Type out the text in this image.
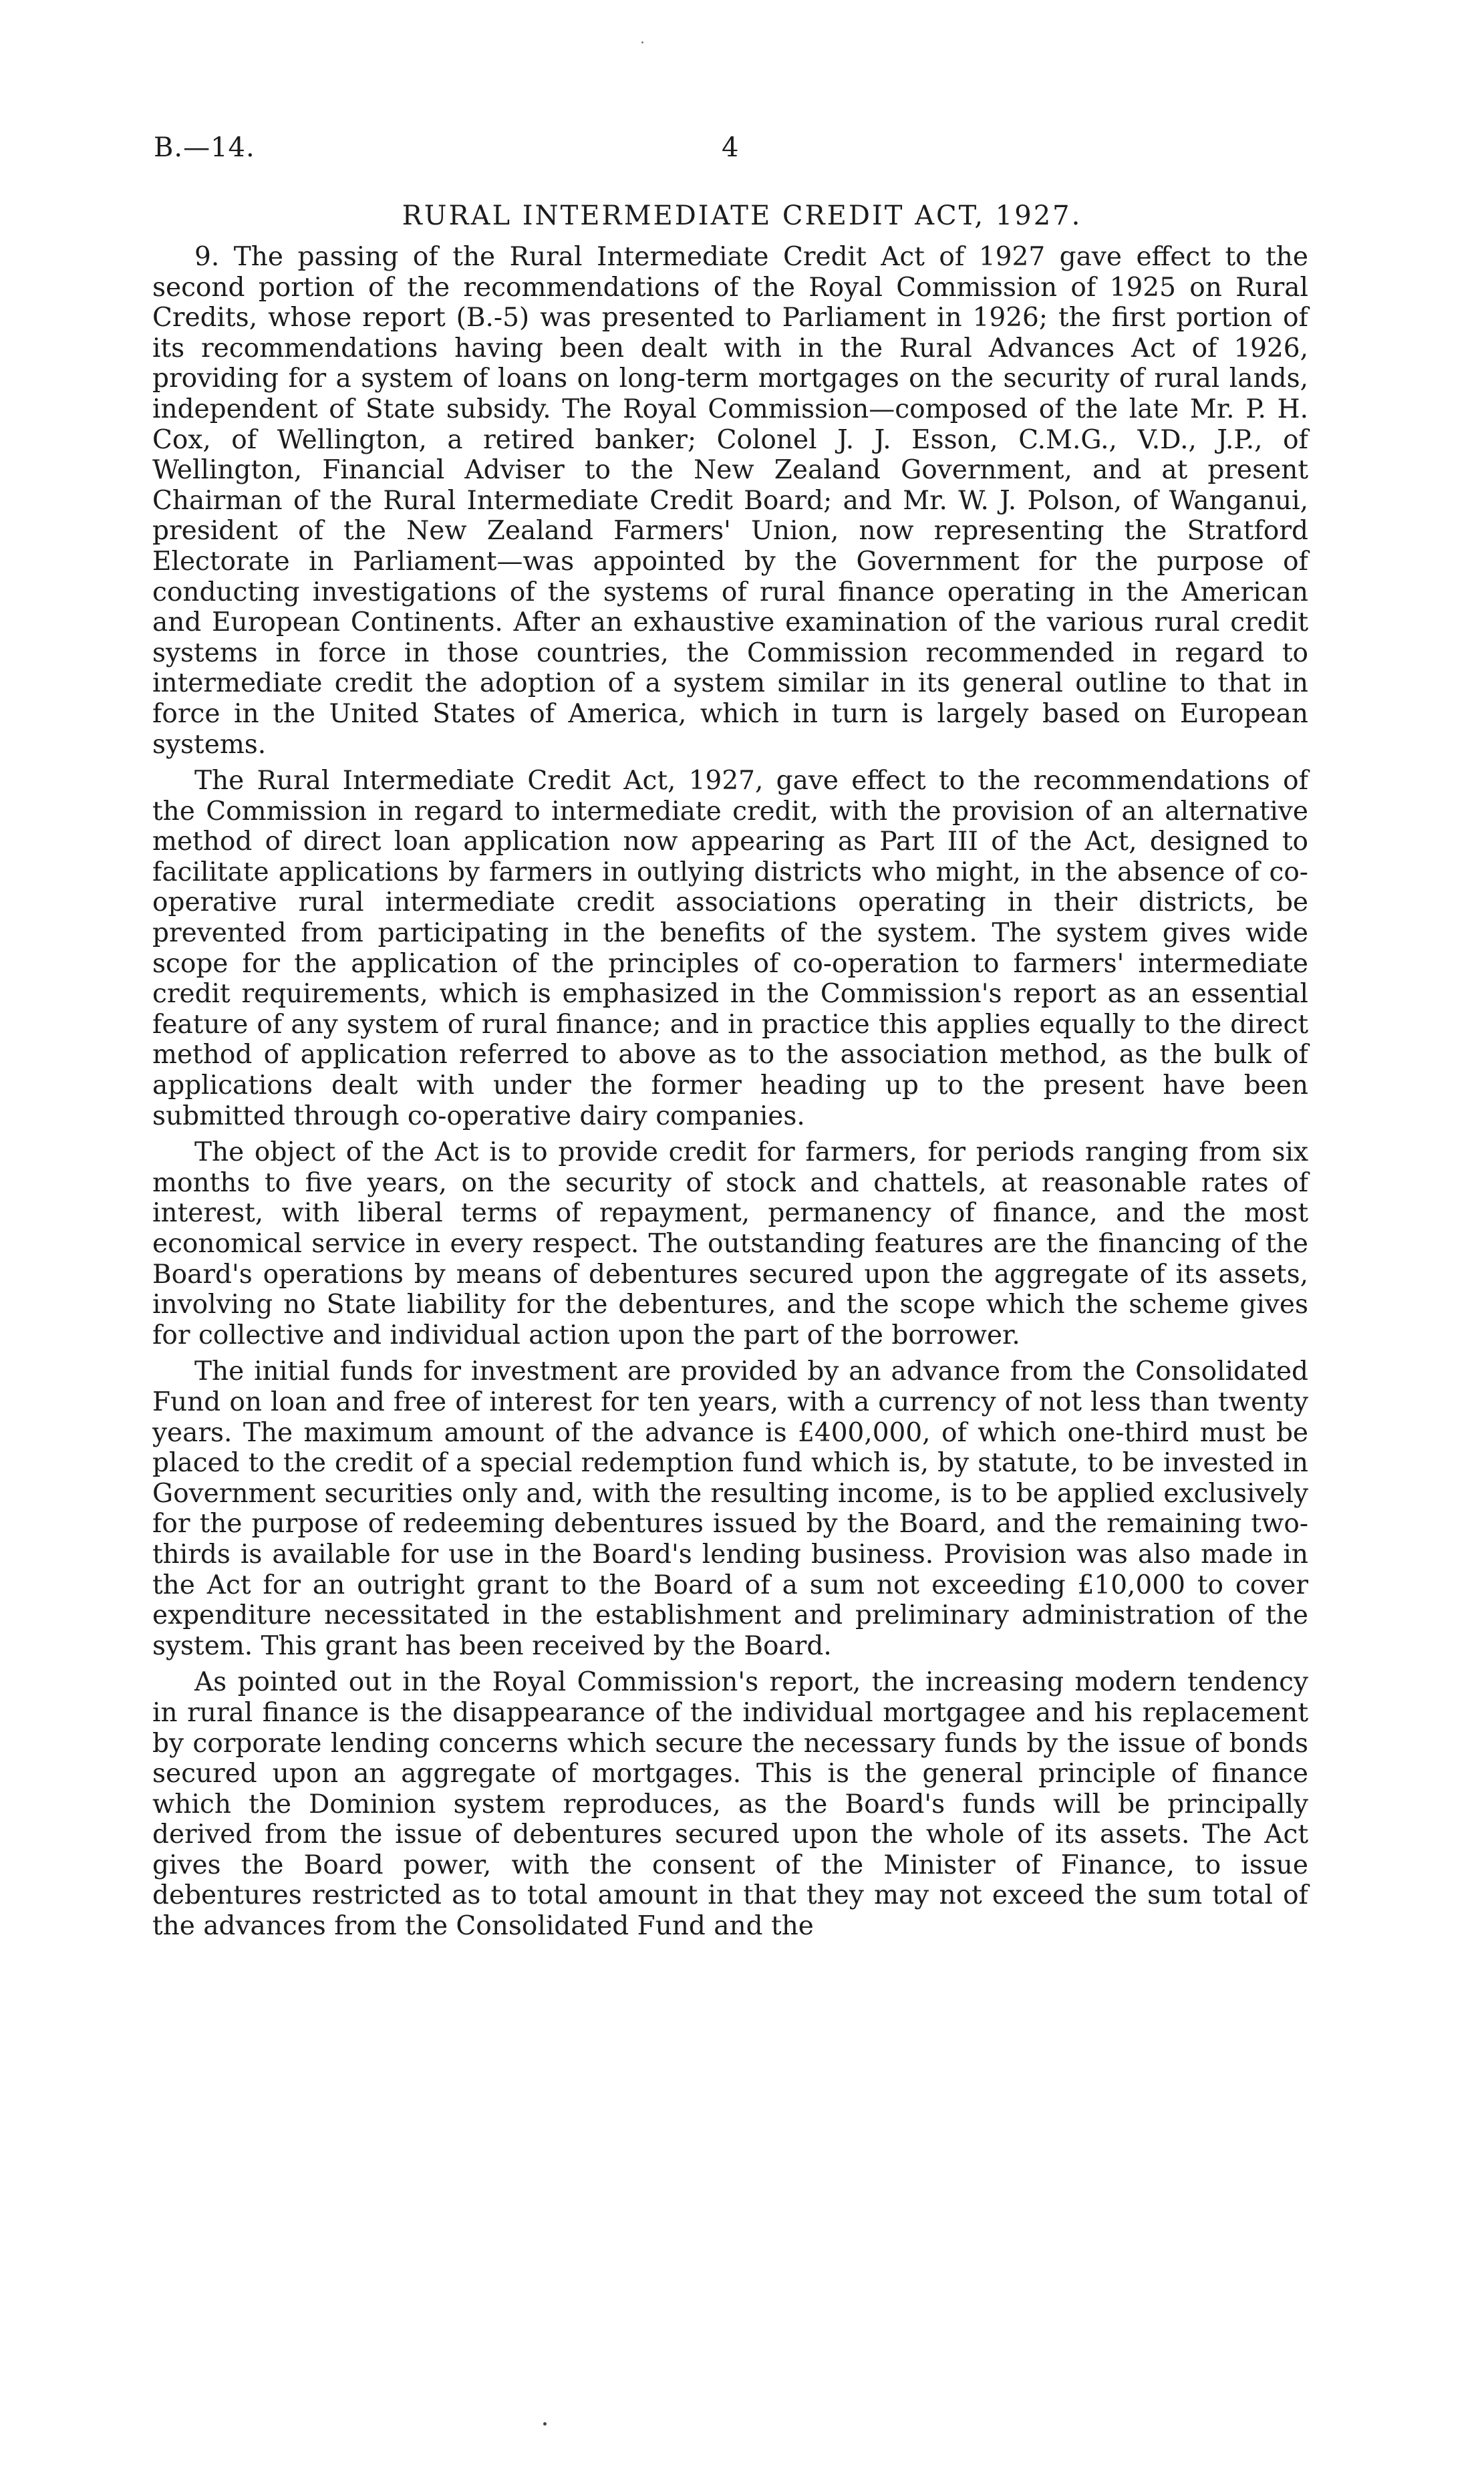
B.—14.	4
RURAL INTERMEDIATE CREDIT ACT, 1927.

9. The passing of the Rural Intermediate Credit Act of 1927 gave effect to the second portion of the recommendations of the Royal Commission of 1925 on Rural Credits, whose report (B.-5) was presented to Parliament in 1926; the first portion of its recommendations having been dealt with in the Rural Advances Act of 1926, providing for a system of loans on long-term mortgages on the security of rural lands, independent of State subsidy. The Royal Commission—composed of the late Mr. P. H. Cox, of Wellington, a retired banker; Colonel J. J. Esson, C.M.G., V.D., J.P., of Wellington, Financial Adviser to the New Zealand Government, and at present Chairman of the Rural Intermediate Credit Board; and Mr. W. J. Polson, of Wanganui, president of the New Zealand Farmers' Union, now representing the Stratford Electorate in Parliament—was appointed by the Government for the purpose of conducting investigations of the systems of rural finance operating in the American and European Continents. After an exhaustive examination of the various rural credit systems in force in those countries, the Commission recommended in regard to intermediate credit the adoption of a system similar in its general outline to that in force in the United States of America, which in turn is largely based on European systems.

The Rural Intermediate Credit Act, 1927, gave effect to the recommendations of the Commission in regard to intermediate credit, with the provision of an alternative method of direct loan application now appearing as Part III of the Act, designed to facilitate applications by farmers in outlying districts who might, in the absence of co-operative rural intermediate credit associations operating in their districts, be prevented from participating in the benefits of the system. The system gives wide scope for the application of the principles of co-operation to farmers' intermediate credit requirements, which is emphasized in the Commission's report as an essential feature of any system of rural finance; and in practice this applies equally to the direct method of application referred to above as to the association method, as the bulk of applications dealt with under the former heading up to the present have been submitted through co-operative dairy companies.

The object of the Act is to provide credit for farmers, for periods ranging from six months to five years, on the security of stock and chattels, at reasonable rates of interest, with liberal terms of repayment, permanency of finance, and the most economical service in every respect. The outstanding features are the financing of the Board's operations by means of debentures secured upon the aggregate of its assets, involving no State liability for the debentures, and the scope which the scheme gives for collective and individual action upon the part of the borrower.

The initial funds for investment are provided by an advance from the Consolidated Fund on loan and free of interest for ten years, with a currency of not less than twenty years. The maximum amount of the advance is £400,000, of which one-third must be placed to the credit of a special redemption fund which is, by statute, to be invested in Government securities only and, with the resulting income, is to be applied exclusively for the purpose of redeeming debentures issued by the Board, and the remaining two-thirds is available for use in the Board's lending business. Provision was also made in the Act for an outright grant to the Board of a sum not exceeding £10,000 to cover expenditure necessitated in the establishment and preliminary administration of the system. This grant has been received by the Board.

As pointed out in the Royal Commission's report, the increasing modern tendency in rural finance is the disappearance of the individual mortgagee and his replacement by corporate lending concerns which secure the necessary funds by the issue of bonds secured upon an aggregate of mortgages. This is the general principle of finance which the Dominion system reproduces, as the Board's funds will be principally derived from the issue of debentures secured upon the whole of its assets. The Act gives the Board power, with the consent of the Minister of Finance, to issue debentures restricted as to total amount in that they may not exceed the sum total of the advances from the Consolidated Fund and the
